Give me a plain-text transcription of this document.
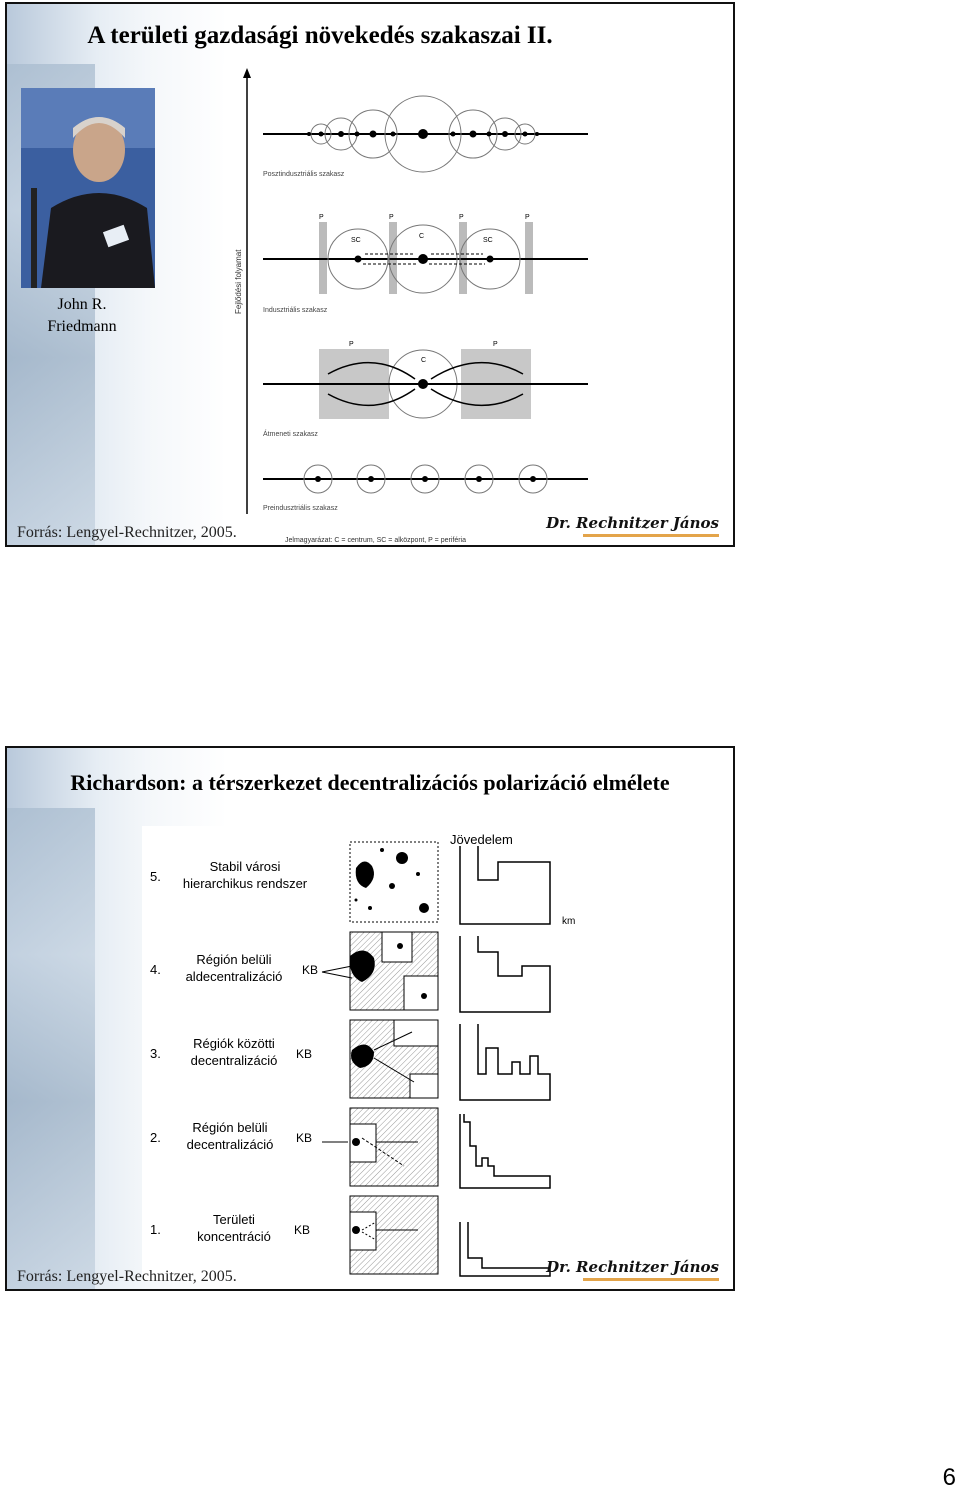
A területi gazdasági növekedés szakaszai II.
John R.
Friedmann
Fejlődési folyamat
Posztindusztriális szakasz
SC
C
SC
P	P	P	P
Indusztriális szakasz
P
C
P
Átmeneti szakasz
Preindusztriális szakasz
Jelmagyarázat: C = centrum, SC = alközpont, P = periféria
Forrás: Lengyel-Rechnitzer, 2005.
Dr. Rechnitzer János
Richardson: a térszerkezet decentralizációs polarizáció elmélete
Jövedelem
5.
Stabil városi
hierarchikus rendszer
km
4.
Régión belüli
aldecentralizáció KB
3.
Régiók közötti
decentralizáció KB
2.
Régión belüli
decentralizáció KB
1.
Területi
koncentráció KB
Forrás: Lengyel-Rechnitzer, 2005.
Dr. Rechnitzer János
6
